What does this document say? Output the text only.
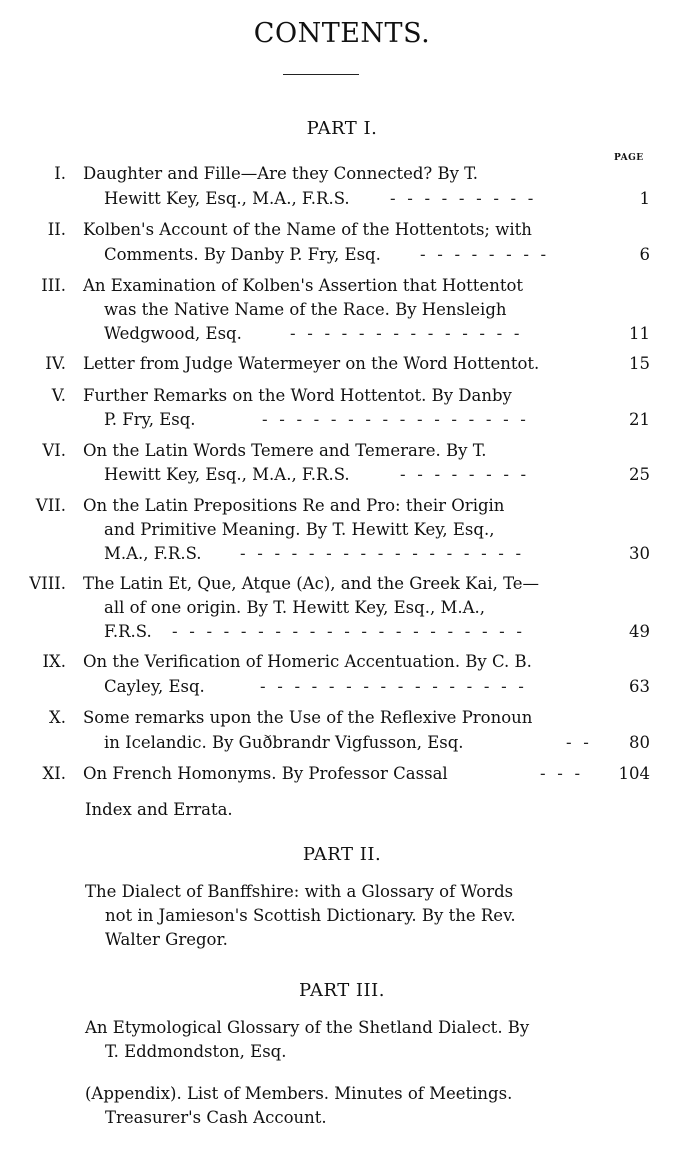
CONTENTS.
PART I.
PAGE
I. Daughter and Fille—Are they Connected? By T.
Hewitt Key, Esq., M.A., F.R.S. - - - - - - - - -	1
II. Kolben's Account of the Name of the Hottentots; with
Comments. By Danby P. Fry, Esq. - - - - - - - -	6
III. An Examination of Kolben's Assertion that Hottentot
was the Native Name of the Race. By Hensleigh
Wedgwood, Esq.	- - - - - - - - - - - - - -	11
IV. Letter from Judge Watermeyer on the Word Hottentot.	15
V. Further Remarks on the Word Hottentot. By Danby
P. Fry, Esq.	- - - - - - - - - - - - - - - -	21
VI. On the Latin Words Temere and Temerare. By T.
Hewitt Key, Esq., M.A., F.R.S.	- - - - - - - -	25
VII. On the Latin Prepositions Re and Pro: their Origin
and Primitive Meaning. By T. Hewitt Key, Esq.,
M.A., F.R.S. - - - - - - - - - - - - - - - - -	30
VIII. The Latin Et, Que, Atque (Ac), and the Greek Kai, Te—
all of one origin. By T. Hewitt Key, Esq., M.A.,
F.R.S. - - - - - - - - - - - - - - - - - - - - -	49
IX. On the Verification of Homeric Accentuation. By C. B.
Cayley, Esq.	- - - - - - - - - - - - - - - -	63
X. Some remarks upon the Use of the Reflexive Pronoun
in Icelandic. By Guðbrandr Vigfusson, Esq.	- - 80
XI. On French Homonyms. By Professor Cassal	- - - 104
Index and Errata.
PART II.
The Dialect of Banffshire: with a Glossary of Words
not in Jamieson's Scottish Dictionary. By the Rev.
Walter Gregor.
PART III.
An Etymological Glossary of the Shetland Dialect. By
T. Eddmondston, Esq.
(Appendix). List of Members. Minutes of Meetings.
Treasurer's Cash Account.
